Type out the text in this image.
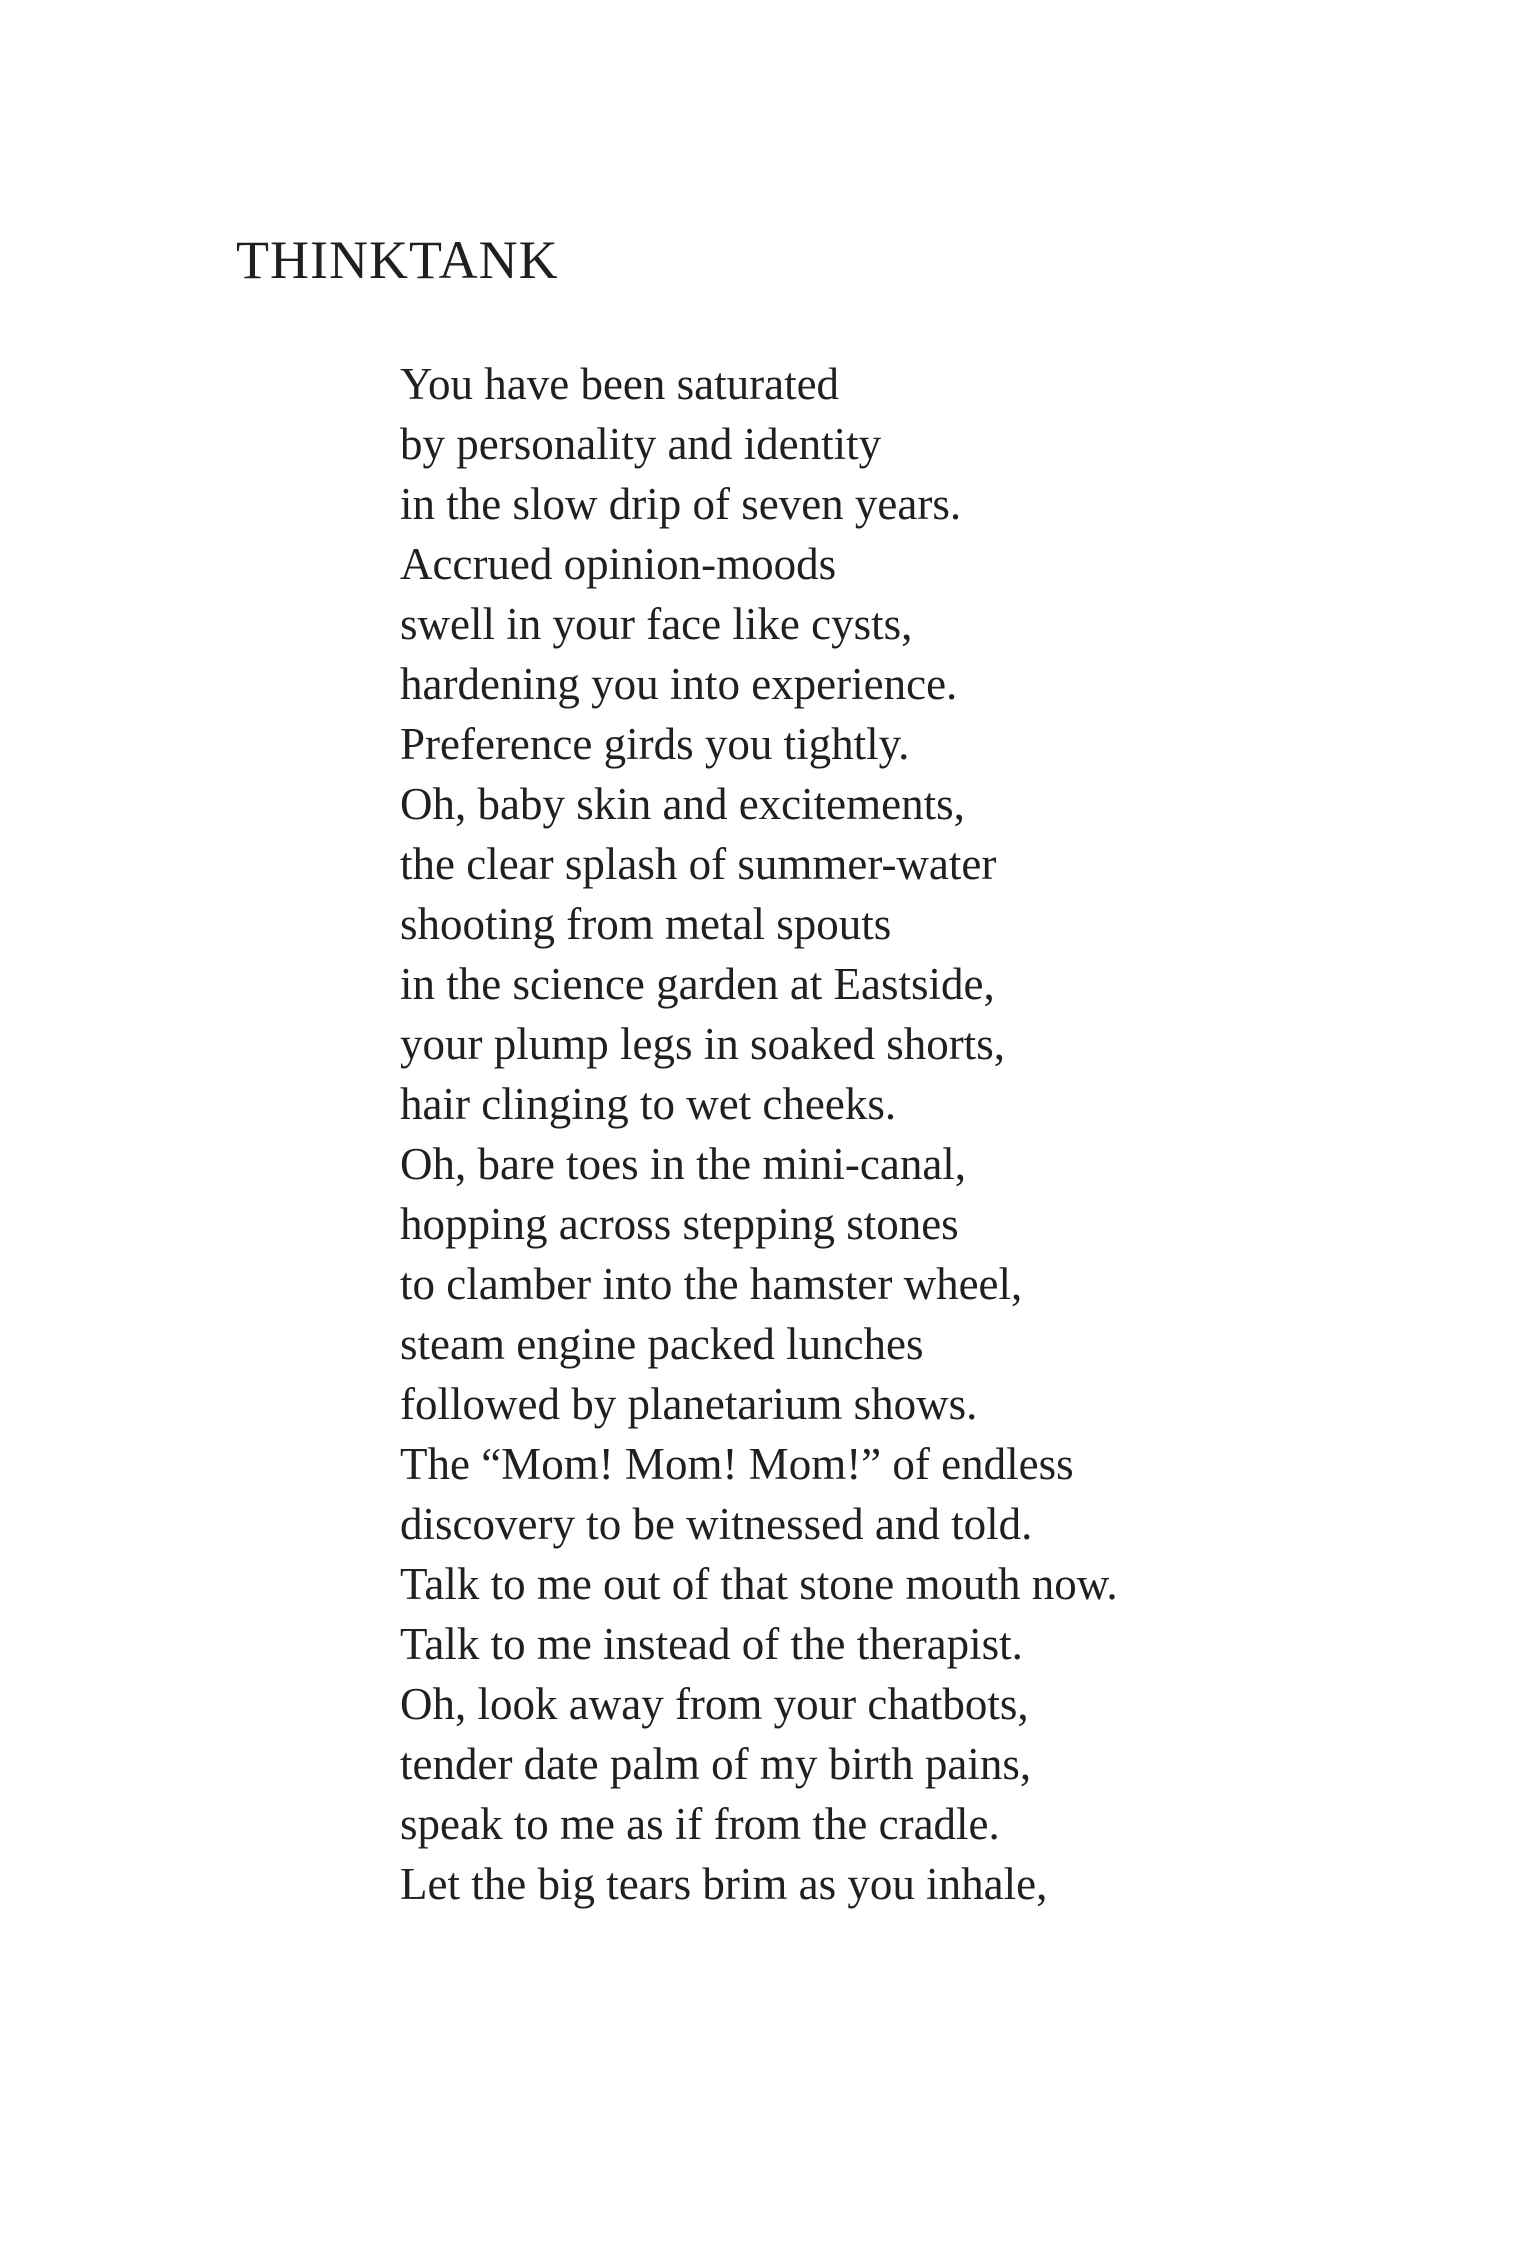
THINKTANK
You have been saturated
by personality and identity
in the slow drip of seven years.
Accrued opinion-moods
swell in your face like cysts,
hardening you into experience.
Preference girds you tightly.
Oh, baby skin and excitements,
the clear splash of summer-water
shooting from metal spouts
in the science garden at Eastside,
your plump legs in soaked shorts,
hair clinging to wet cheeks.
Oh, bare toes in the mini-canal,
hopping across stepping stones
to clamber into the hamster wheel,
steam engine packed lunches
followed by planetarium shows.
The “Mom! Mom! Mom!” of endless
discovery to be witnessed and told.
Talk to me out of that stone mouth now.
Talk to me instead of the therapist.
Oh, look away from your chatbots,
tender date palm of my birth pains,
speak to me as if from the cradle.
Let the big tears brim as you inhale,
